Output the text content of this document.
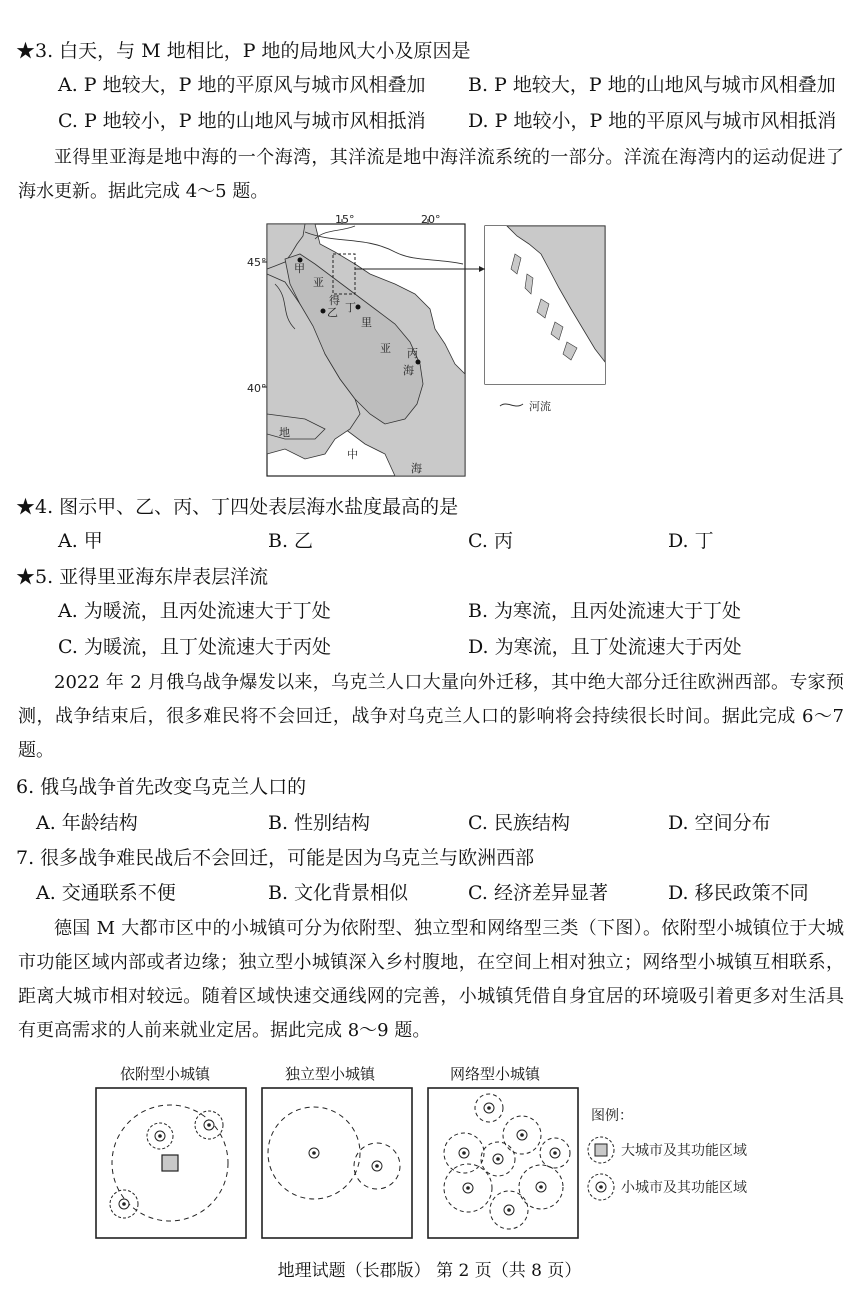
★3. 白天，与 M 地相比，P 地的局地风大小及原因是
A. P 地较大，P 地的平原风与城市风相叠加 B. P 地较大，P 地的山地风与城市风相叠加
C. P 地较小，P 地的山地风与城市风相抵消 D. P 地较小，P 地的平原风与城市风相抵消
亚得里亚海是地中海的一个海湾，其洋流是地中海洋流系统的一部分。洋流在海湾内的运动促进了海水更新。据此完成 4～5 题。
15°	20°
45°
40°
甲
乙 丁
丙
亚
得
里
亚
海
地
中
海
河流
★4. 图示甲、乙、丙、丁四处表层海水盐度最高的是
A. 甲	B. 乙	C. 丙	D. 丁
★5. 亚得里亚海东岸表层洋流
A. 为暖流，且丙处流速大于丁处	B. 为寒流，且丙处流速大于丁处
C. 为暖流，且丁处流速大于丙处	D. 为寒流，且丁处流速大于丙处
2022 年 2 月俄乌战争爆发以来，乌克兰人口大量向外迁移，其中绝大部分迁往欧洲西部。专家预测，战争结束后，很多难民将不会回迁，战争对乌克兰人口的影响将会持续很长时间。据此完成 6～7 题。
6. 俄乌战争首先改变乌克兰人口的
A. 年龄结构	B. 性别结构	C. 民族结构	D. 空间分布
7. 很多战争难民战后不会回迁，可能是因为乌克兰与欧洲西部
A. 交通联系不便	B. 文化背景相似	C. 经济差异显著	D. 移民政策不同
德国 M 大都市区中的小城镇可分为依附型、独立型和网络型三类（下图）。依附型小城镇位于大城市功能区域内部或者边缘；独立型小城镇深入乡村腹地，在空间上相对独立；网络型小城镇互相联系，距离大城市相对较远。随着区域快速交通线网的完善，小城镇凭借自身宜居的环境吸引着更多对生活具有更高需求的人前来就业定居。据此完成 8～9 题。
依附型小城镇	独立型小城镇	网络型小城镇
图例：
大城市及其功能区域
小城市及其功能区域
地理试题（长郡版） 第 2 页（共 8 页）
